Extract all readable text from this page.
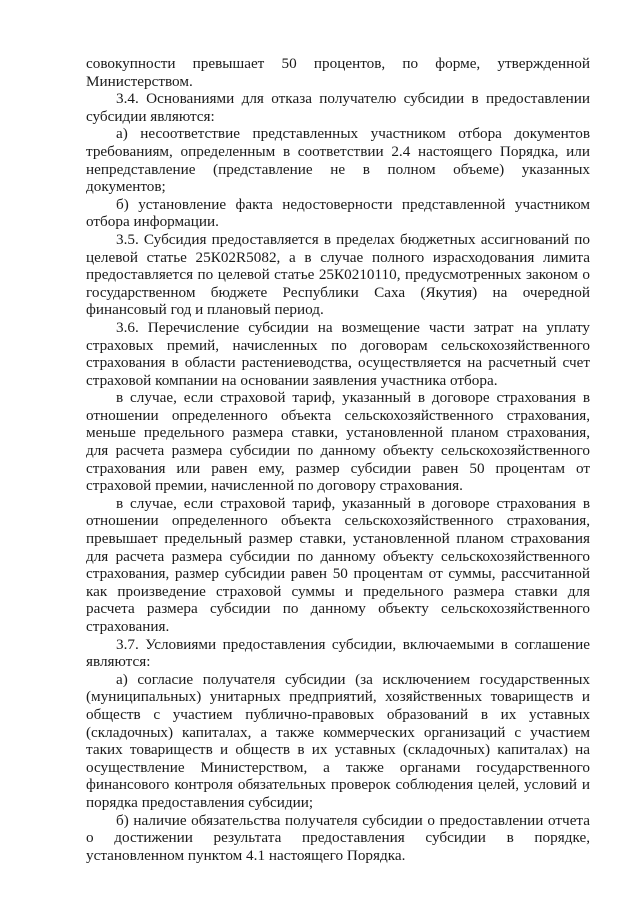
совокупности превышает 50 процентов, по форме, утвержденной Министерством.

3.4. Основаниями для отказа получателю субсидии в предоставлении субсидии являются:

а) несоответствие представленных участником отбора документов требованиям, определенным в соответствии 2.4 настоящего Порядка, или непредставление (представление не в полном объеме) указанных документов;

б) установление факта недостоверности представленной участником отбора информации.

3.5. Субсидия предоставляется в пределах бюджетных ассигнований по целевой статье 25К02R5082, а в случае полного израсходования лимита предоставляется по целевой статье 25К0210110, предусмотренных законом о государственном бюджете Республики Саха (Якутия) на очередной финансовый год и плановый период.

3.6. Перечисление субсидии на возмещение части затрат на уплату страховых премий, начисленных по договорам сельскохозяйственного страхования в области растениеводства, осуществляется на расчетный счет страховой компании на основании заявления участника отбора.

в случае, если страховой тариф, указанный в договоре страхования в отношении определенного объекта сельскохозяйственного страхования, меньше предельного размера ставки, установленной планом страхования, для расчета размера субсидии по данному объекту сельскохозяйственного страхования или равен ему, размер субсидии равен 50 процентам от страховой премии, начисленной по договору страхования.

в случае, если страховой тариф, указанный в договоре страхования в отношении определенного объекта сельскохозяйственного страхования, превышает предельный размер ставки, установленной планом страхования для расчета размера субсидии по данному объекту сельскохозяйственного страхования, размер субсидии равен 50 процентам от суммы, рассчитанной как произведение страховой суммы и предельного размера ставки для расчета размера субсидии по данному объекту сельскохозяйственного страхования.

3.7. Условиями предоставления субсидии, включаемыми в соглашение являются:

а) согласие получателя субсидии (за исключением государственных (муниципальных) унитарных предприятий, хозяйственных товариществ и обществ с участием публично-правовых образований в их уставных (складочных) капиталах, а также коммерческих организаций с участием таких товариществ и обществ в их уставных (складочных) капиталах) на осуществление Министерством, а также органами государственного финансового контроля обязательных проверок соблюдения целей, условий и порядка предоставления субсидии;

б) наличие обязательства получателя субсидии о предоставлении отчета о достижении результата предоставления субсидии в порядке, установленном пунктом 4.1 настоящего Порядка.
